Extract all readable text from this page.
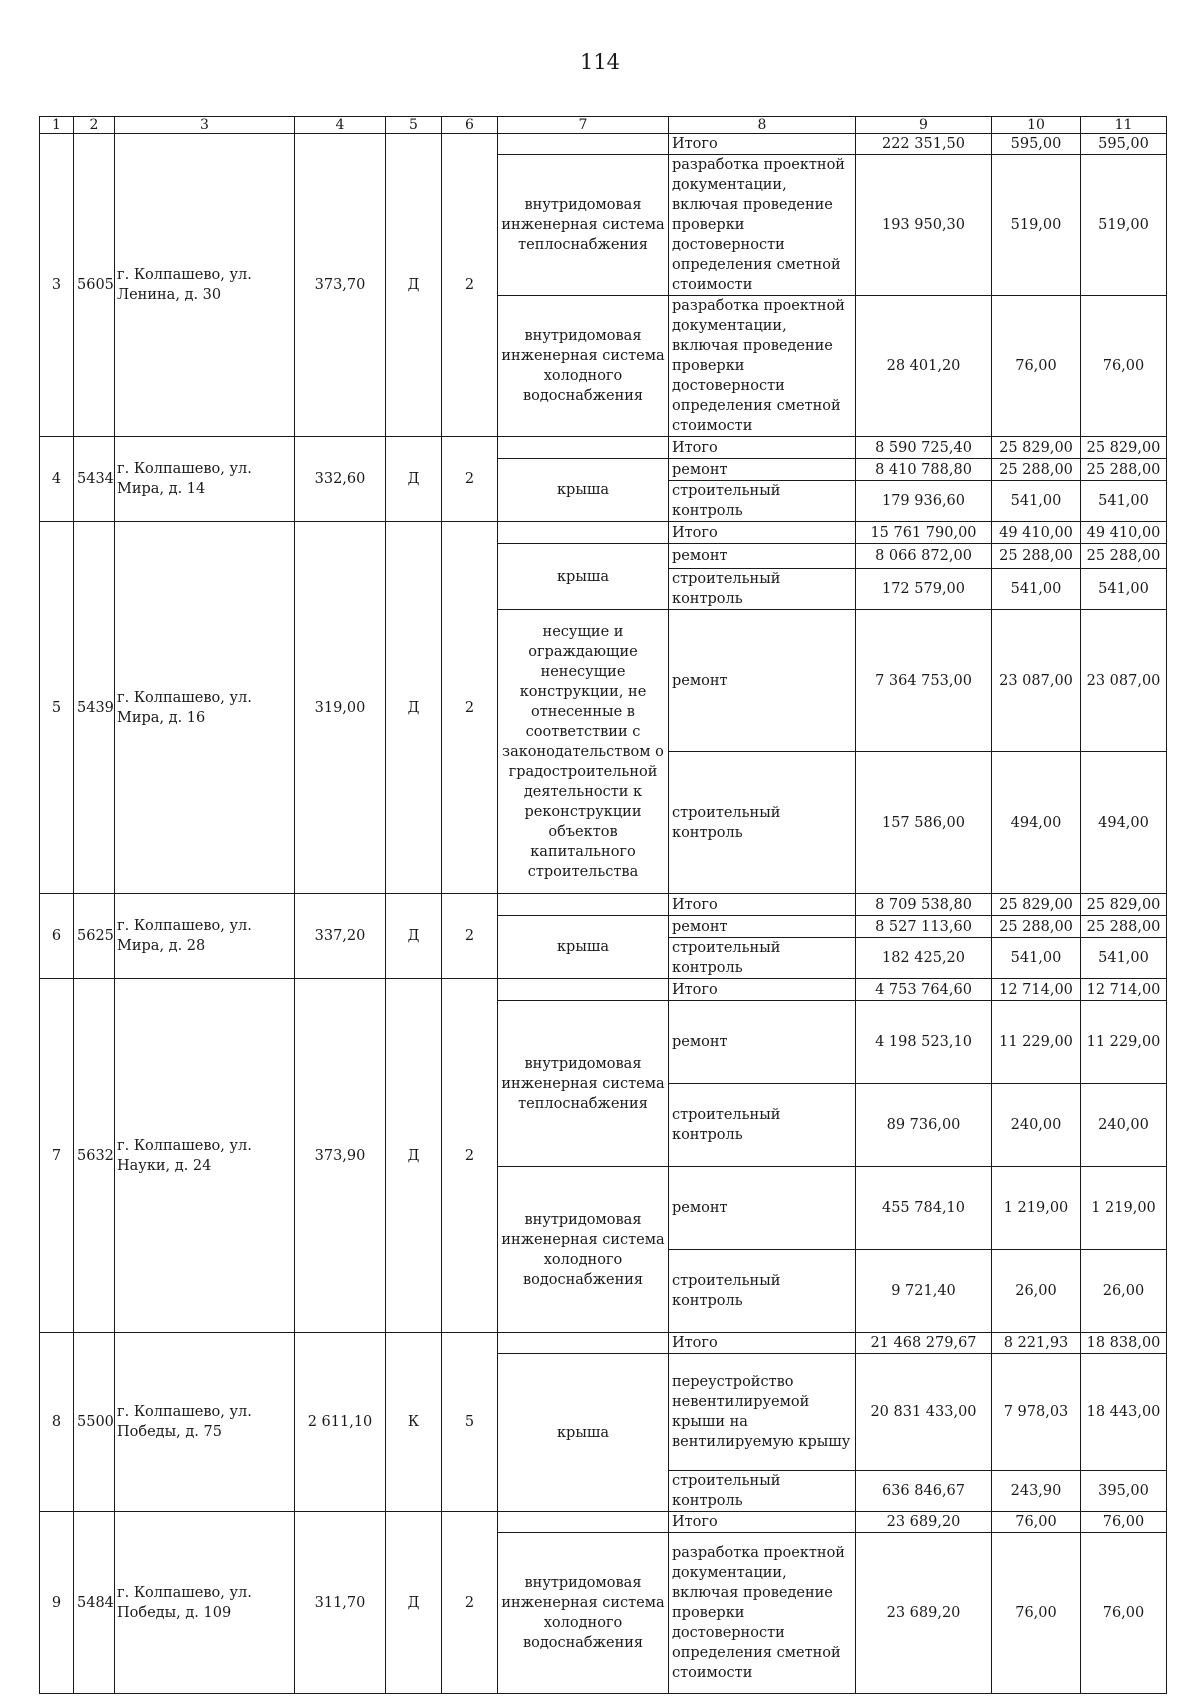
114
1	2	3	4	5	6	7	8	9	10	11
3	5605	г. Колпашево, ул. Ленина, д. 30	373,70	Д	2		Итого	222 351,50	595,00	595,00
						внутридомовая инженерная система теплоснабжения	разработка проектной документации, включая проведение проверки достоверности определения сметной стоимости	193 950,30	519,00	519,00
						внутридомовая инженерная система холодного водоснабжения	разработка проектной документации, включая проведение проверки достоверности определения сметной стоимости	28 401,20	76,00	76,00
4	5434	г. Колпашево, ул. Мира, д. 14	332,60	Д	2		Итого	8 590 725,40	25 829,00	25 829,00
						крыша	ремонт	8 410 788,80	25 288,00	25 288,00
							строительный контроль	179 936,60	541,00	541,00
5	5439	г. Колпашево, ул. Мира, д. 16	319,00	Д	2		Итого	15 761 790,00	49 410,00	49 410,00
						крыша	ремонт	8 066 872,00	25 288,00	25 288,00
							строительный контроль	172 579,00	541,00	541,00
						несущие и ограждающие ненесущие конструкции, не отнесенные в соответствии с законодательством о градостроительной деятельности к реконструкции объектов капитального строительства	ремонт	7 364 753,00	23 087,00	23 087,00
							строительный контроль	157 586,00	494,00	494,00
6	5625	г. Колпашево, ул. Мира, д. 28	337,20	Д	2		Итого	8 709 538,80	25 829,00	25 829,00
						крыша	ремонт	8 527 113,60	25 288,00	25 288,00
							строительный контроль	182 425,20	541,00	541,00
7	5632	г. Колпашево, ул. Науки, д. 24	373,90	Д	2		Итого	4 753 764,60	12 714,00	12 714,00
						внутридомовая инженерная система теплоснабжения	ремонт	4 198 523,10	11 229,00	11 229,00
							строительный контроль	89 736,00	240,00	240,00
						внутридомовая инженерная система холодного водоснабжения	ремонт	455 784,10	1 219,00	1 219,00
							строительный контроль	9 721,40	26,00	26,00
8	5500	г. Колпашево, ул. Победы, д. 75	2 611,10	К	5		Итого	21 468 279,67	8 221,93	18 838,00
						крыша	переустройство невентилируемой крыши на вентилируемую крышу	20 831 433,00	7 978,03	18 443,00
							строительный контроль	636 846,67	243,90	395,00
9	5484	г. Колпашево, ул. Победы, д. 109	311,70	Д	2		Итого	23 689,20	76,00	76,00
						внутридомовая инженерная система холодного водоснабжения	разработка проектной документации, включая проведение проверки достоверности определения сметной стоимости	23 689,20	76,00	76,00
